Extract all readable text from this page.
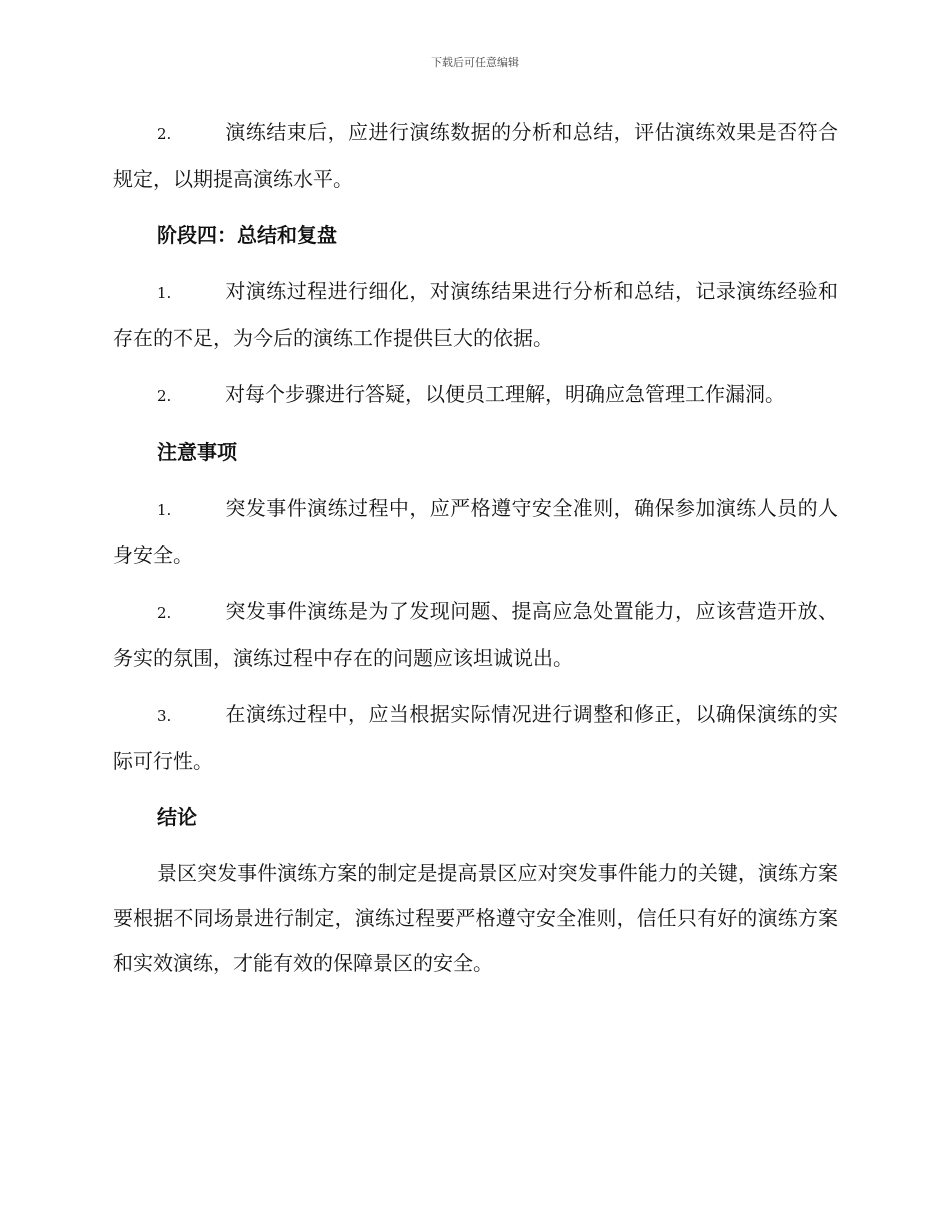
下载后可任意编辑

2.	演练结束后，应进行演练数据的分析和总结，评估演练效果是否符合规定，以期提高演练水平。

阶段四：总结和复盘

1.	对演练过程进行细化，对演练结果进行分析和总结，记录演练经验和存在的不足，为今后的演练工作提供巨大的依据。

2.	对每个步骤进行答疑，以便员工理解，明确应急管理工作漏洞。

注意事项

1.	突发事件演练过程中，应严格遵守安全准则，确保参加演练人员的人身安全。

2.	突发事件演练是为了发现问题、提高应急处置能力，应该营造开放、务实的氛围，演练过程中存在的问题应该坦诚说出。

3.	在演练过程中，应当根据实际情况进行调整和修正，以确保演练的实际可行性。

结论

景区突发事件演练方案的制定是提高景区应对突发事件能力的关键，演练方案要根据不同场景进行制定，演练过程要严格遵守安全准则，信任只有好的演练方案和实效演练，才能有效的保障景区的安全。
